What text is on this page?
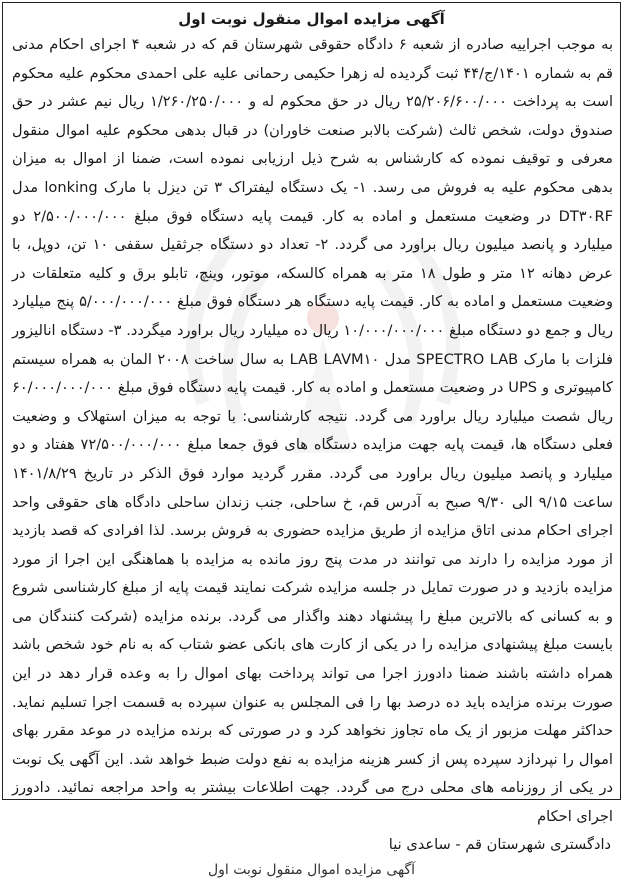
آگهی مزایده اموال منقول نوبت اول

به موجب اجراییه صادره از شعبه ۶ دادگاه حقوقی شهرستان قم که در شعبه ۴ اجرای احکام مدنی قم به شماره ۱۴۰۱/ج/۴۴ ثبت گردیده له زهرا حکیمی رحمانی علیه علی احمدی محکوم علیه محکوم است به پرداخت ۲۵/۲۰۶/۶۰۰/۰۰۰ ریال در حق محکوم له و ۱/۲۶۰/۲۵۰/۰۰۰ ریال نیم عشر در حق صندوق دولت، شخص ثالث (شرکت بالابر صنعت خاوران) در قبال بدهی محکوم علیه اموال منقول معرفی و توقیف نموده که کارشناس به شرح ذیل ارزیابی نموده است، ضمنا از اموال به میزان بدهی محکوم علیه به فروش می رسد. ۱- یک دستگاه لیفتراک ۳ تن دیزل با مارک lonking مدل DT۳۰RF در وضعیت مستعمل و اماده به کار. قیمت پایه دستگاه فوق مبلغ ۲/۵۰۰/۰۰۰/۰۰۰ دو میلیارد و پانصد میلیون ریال براورد می گردد. ۲- تعداد دو دستگاه جرثقیل سقفی ۱۰ تن، دوپل، با عرض دهانه ۱۲ متر و طول ۱۸ متر به همراه کالسکه، موتور، وینچ، تابلو برق و کلیه متعلقات در وضعیت مستعمل و اماده به کار. قیمت پایه دستگاه هر دستگاه فوق مبلغ ۵/۰۰۰/۰۰۰/۰۰۰ پنج میلیارد ریال و جمع دو دستگاه مبلغ ۱۰/۰۰۰/۰۰۰/۰۰۰ ریال ده میلیارد ریال براورد میگردد. ۳- دستگاه انالیزور فلزات با مارک SPECTRO LAB مدل LAB LAVM۱۰ به سال ساخت ۲۰۰۸ المان به همراه سیستم کامپیوتری و UPS در وضعیت مستعمل و اماده به کار. قیمت پایه دستگاه فوق مبلغ ۶۰/۰۰۰/۰۰۰/۰۰۰ ریال شصت میلیارد ریال براورد می گردد. نتیجه کارشناسی: با توجه به میزان استهلاک و وضعیت فعلی دستگاه ها، قیمت پایه جهت مزایده دستگاه های فوق جمعا مبلغ ۷۲/۵۰۰/۰۰۰/۰۰۰ هفتاد و دو میلیارد و پانصد میلیون ریال براورد می گردد. مقرر گردید موارد فوق الذکر در تاریخ ۱۴۰۱/۸/۲۹ ساعت ۹/۱۵ الی ۹/۳۰ صبح به آدرس قم، خ ساحلی، جنب زندان ساحلی دادگاه های حقوقی واحد اجرای احکام مدنی اتاق مزایده از طریق مزایده حضوری به فروش برسد. لذا افرادی که قصد بازدید از مورد مزایده را دارند می توانند در مدت پنج روز مانده به مزایده با هماهنگی این اجرا از مورد مزایده بازدید و در صورت تمایل در جلسه مزایده شرکت نمایند قیمت پایه از مبلغ کارشناسی شروع و به کسانی که بالاترین مبلغ را پیشنهاد دهند واگذار می گردد. برنده مزایده (شرکت کنندگان می بایست مبلغ پیشنهادی مزایده را در یکی از کارت های بانکی عضو شتاب که به نام خود شخص باشد همراه داشته باشند ضمنا دادورز اجرا می تواند پرداخت بهای اموال را به وعده قرار دهد در این صورت برنده مزایده باید ده درصد بها را فی المجلس به عنوان سپرده به قسمت اجرا تسلیم نماید. حداکثر مهلت مزبور از یک ماه تجاوز نخواهد کرد و در صورتی که برنده مزایده در موعد مقرر بهای اموال را نپردازد سپرده پس از کسر هزینه مزایده به نفع دولت ضبط خواهد شد. این آگهی یک نوبت در یکی از روزنامه های محلی درج می گردد. جهت اطلاعات بیشتر به واحد مراجعه نمائید. دادورز اجرای احکام

دادگستری شهرستان قم - ساعدی نیا

آگهی مزایده اموال منقول نوبت اول
